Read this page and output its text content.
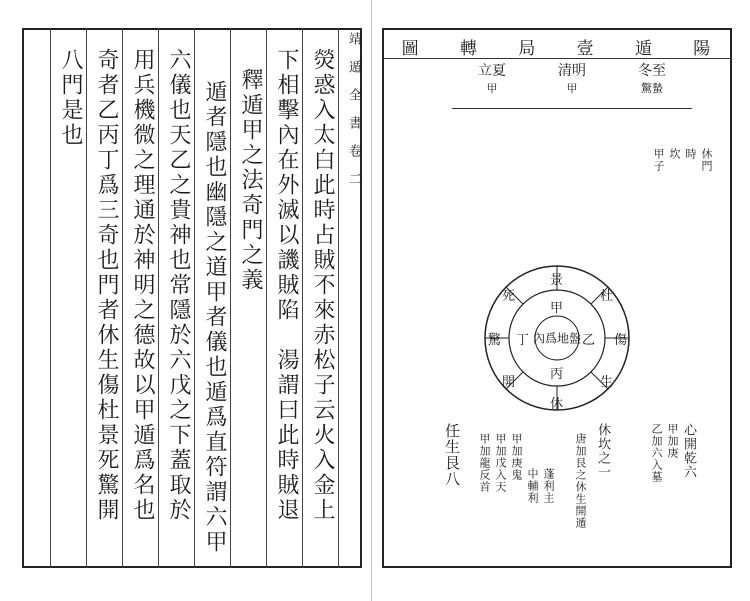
靖　遁　全　書　卷　二
熒惑入太白此時占賊不來赤松子云火入金上
下相擊內在外滅以譏賊陷　湯謂曰此時賊退
釋遁甲之法奇門之義
遁者隱也幽隱之道甲者儀也遁爲直符謂六甲
六儀也天乙之貴神也常隱於六戊之下蓋取於
用兵機微之理通於神明之德故以甲遁爲名也
奇者乙丙丁爲三奇也門者休生傷杜景死驚開
八門是也	陽
遁
壹
局
轉
圖
冬至
驚蟄
清明
甲
立夏
甲
休門
時
坎
甲子
心開乾六
甲加庚
乙加六入墓
休
生
傷
杜
景
死
驚
開
甲
乙
丙
丁 內爲地盤
任生艮八 甲加龍反首 甲加戊入天 甲加庚鬼
中輔利 蓬利主 唐加艮之休生開遁 休坎之一
